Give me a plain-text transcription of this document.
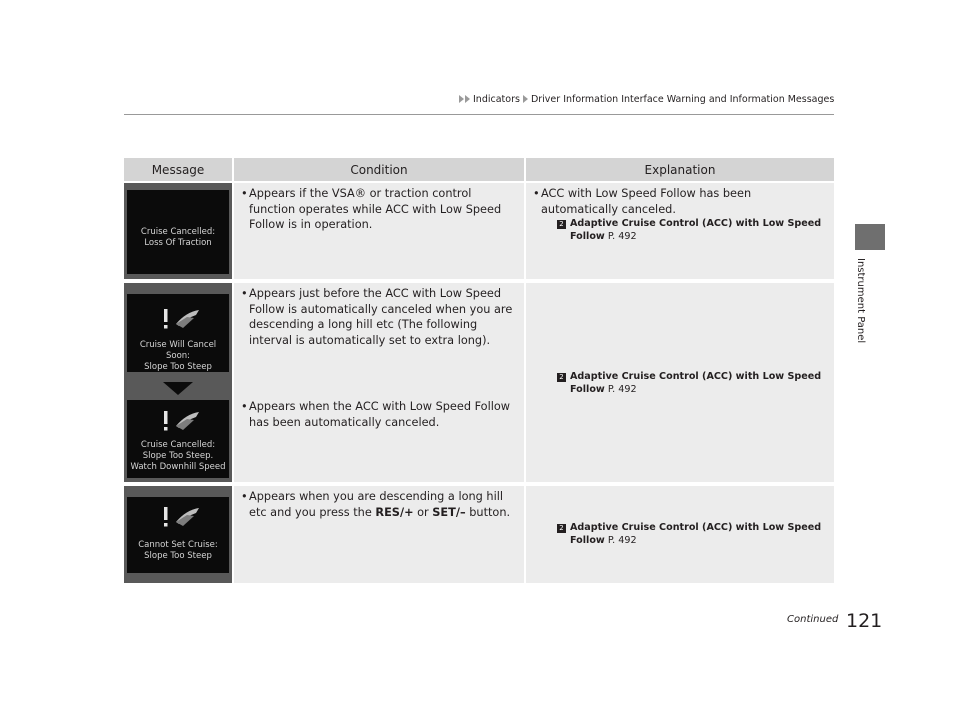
Indicators Driver Information Interface Warning and Information Messages
Instrument Panel
Message	Condition	Explanation
Cruise Cancelled:
Loss Of Traction
• Appears if the VSA® or traction control function operates while ACC with Low Speed Follow is in operation.
• ACC with Low Speed Follow has been automatically canceled.
2 Adaptive Cruise Control (ACC) with Low Speed
Follow P. 492
Cruise Will Cancel Soon:
Slope Too Steep
Cruise Cancelled:
Slope Too Steep.
Watch Downhill Speed
• Appears just before the ACC with Low Speed Follow is automatically canceled when you are descending a long hill etc (The following interval is automatically set to extra long).
• Appears when the ACC with Low Speed Follow has been automatically canceled.
2 Adaptive Cruise Control (ACC) with Low Speed
Follow P. 492
Cannot Set Cruise:
Slope Too Steep
• Appears when you are descending a long hill etc and you press the RES/+ or SET/– button.
2 Adaptive Cruise Control (ACC) with Low Speed
Follow P. 492
Continued 121
